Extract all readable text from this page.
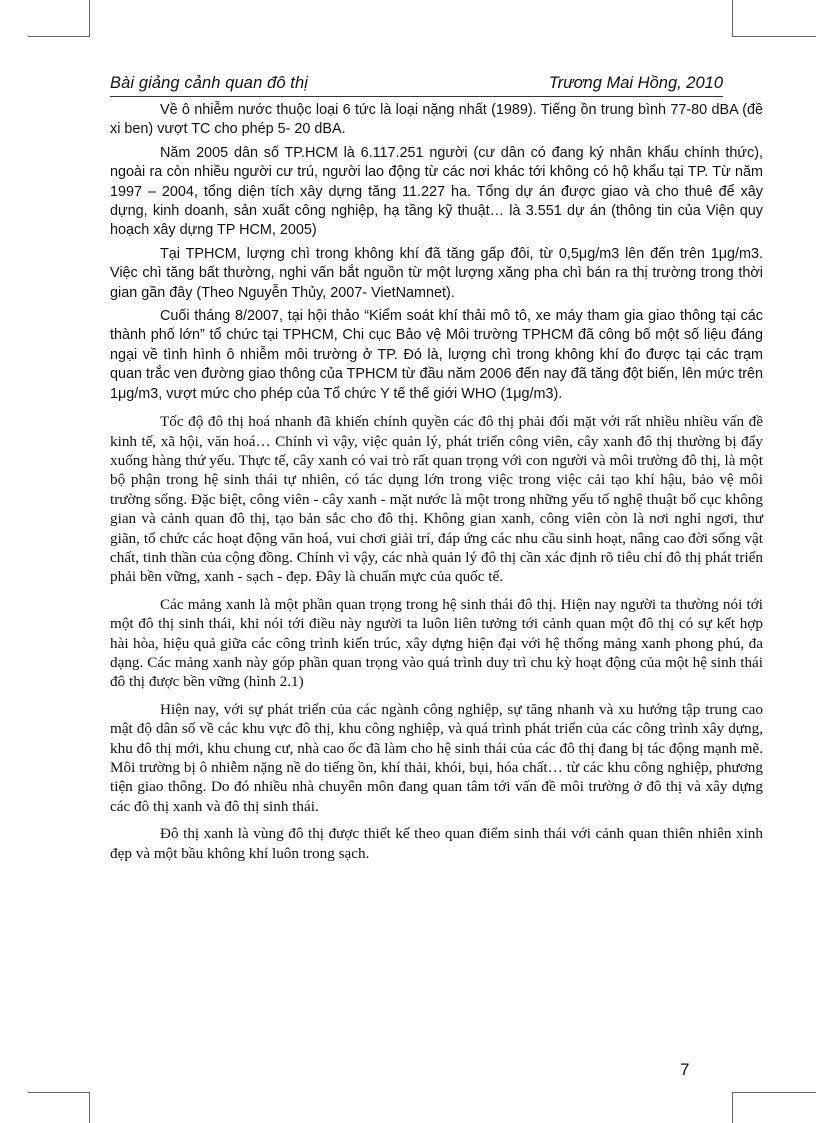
Bài giảng cảnh quan đô thị	Trương Mai Hồng, 2010

Về ô nhiễm nước thuộc loại 6 tức là loại nặng nhất (1989). Tiếng ồn trung bình 77-80 dBA (đề xi ben) vượt TC cho phép 5- 20 dBA.

Năm 2005 dân số TP.HCM là 6.117.251 người (cư dân có đang ký nhân khẩu chính thức), ngoài ra còn nhiều người cư trú, người lao động từ các nơi khác tới không có hộ khẩu tại TP. Từ năm 1997 – 2004, tổng diện tích xây dựng tăng 11.227 ha. Tổng dự án được giao và cho thuê để xây dựng, kinh doanh, sản xuất công nghiệp, hạ tầng kỹ thuật… là 3.551 dự án (thông tin của Viện quy hoạch xây dựng TP HCM, 2005)

Tại TPHCM, lượng chì trong không khí đã tăng gấp đôi, từ 0,5μg/m3 lên đến trên 1μg/m3. Việc chì tăng bất thường, nghi vấn bắt nguồn từ một lượng xăng pha chì bán ra thị trường trong thời gian gần đây (Theo Nguyễn Thủy, 2007- VietNamnet).

Cuối tháng 8/2007, tại hội thảo “Kiểm soát khí thải mô tô, xe máy tham gia giao thông tại các thành phố lớn” tổ chức tại TPHCM, Chi cục Bảo vệ Môi trường TPHCM đã công bố một số liệu đáng ngại về tình hình ô nhiễm môi trường ở TP. Đó là, lượng chì trong không khí đo được tại các trạm quan trắc ven đường giao thông của TPHCM từ đầu năm 2006 đến nay đã tăng đột biến, lên mức trên 1μg/m3, vượt mức cho phép của Tổ chức Y tế thế giới WHO (1μg/m3).

Tốc độ đô thị hoá nhanh đã khiến chính quyền các đô thị phải đối mặt với rất nhiều nhiều vấn đề kinh tế, xã hội, văn hoá… Chính vì vậy, việc quản lý, phát triển công viên, cây xanh đô thị thường bị đẩy xuống hàng thứ yếu. Thực tế, cây xanh có vai trò rất quan trọng với con người và môi trường đô thị, là một bộ phận trong hệ sinh thái tự nhiên, có tác dụng lớn trong việc trong việc cải tạo khí hậu, bảo vệ môi trường sống. Đặc biệt, công viên - cây xanh - mặt nước là một trong những yếu tố nghệ thuật bố cục không gian và cảnh quan đô thị, tạo bản sắc cho đô thị. Không gian xanh, công viên còn là nơi nghỉ ngơi, thư giãn, tổ chức các hoạt động văn hoá, vui chơi giải trí, đáp ứng các nhu cầu sinh hoạt, nâng cao đời sống vật chất, tinh thần của cộng đồng. Chính vì vậy, các nhà quản lý đô thị cần xác định rõ tiêu chí đô thị phát triển phải bền vững, xanh - sạch - đẹp. Đây là chuẩn mực của quốc tế.

Các mảng xanh là một phần quan trọng trong hệ sinh thái đô thị. Hiện nay người ta thường nói tới một đô thị sinh thái, khi nói tới điều này người ta luôn liên tưởng tới cảnh quan một đô thị có sự kết hợp hài hòa, hiệu quả giữa các công trình kiến trúc, xây dựng hiện đại với hệ thống mảng xanh phong phú, đa dạng. Các mảng xanh này góp phần quan trọng vào quá trình duy trì chu kỳ hoạt động của một hệ sinh thái đô thị được bền vững (hình 2.1)

Hiện nay, với sự phát triển của các ngành công nghiệp, sự tăng nhanh và xu hướng tập trung cao mật độ dân số về các khu vực đô thị, khu công nghiệp, và quá trình phát triển của các công trình xây dựng, khu đô thị mới, khu chung cư, nhà cao ốc đã làm cho hệ sinh thái của các đô thị đang bị tác động mạnh mẽ. Môi trường bị ô nhiễm nặng nề do tiếng ồn, khí thải, khói, bụi, hóa chất… từ các khu công nghiệp, phương tiện giao thông. Do đó nhiều nhà chuyên môn đang quan tâm tới vấn đề môi trường ở đô thị và xây dựng các đô thị xanh và đô thị sinh thái.

Đô thị xanh là vùng đô thị được thiết kế theo quan điểm sinh thái với cảnh quan thiên nhiên xinh đẹp và một bầu không khí luôn trong sạch.

7
